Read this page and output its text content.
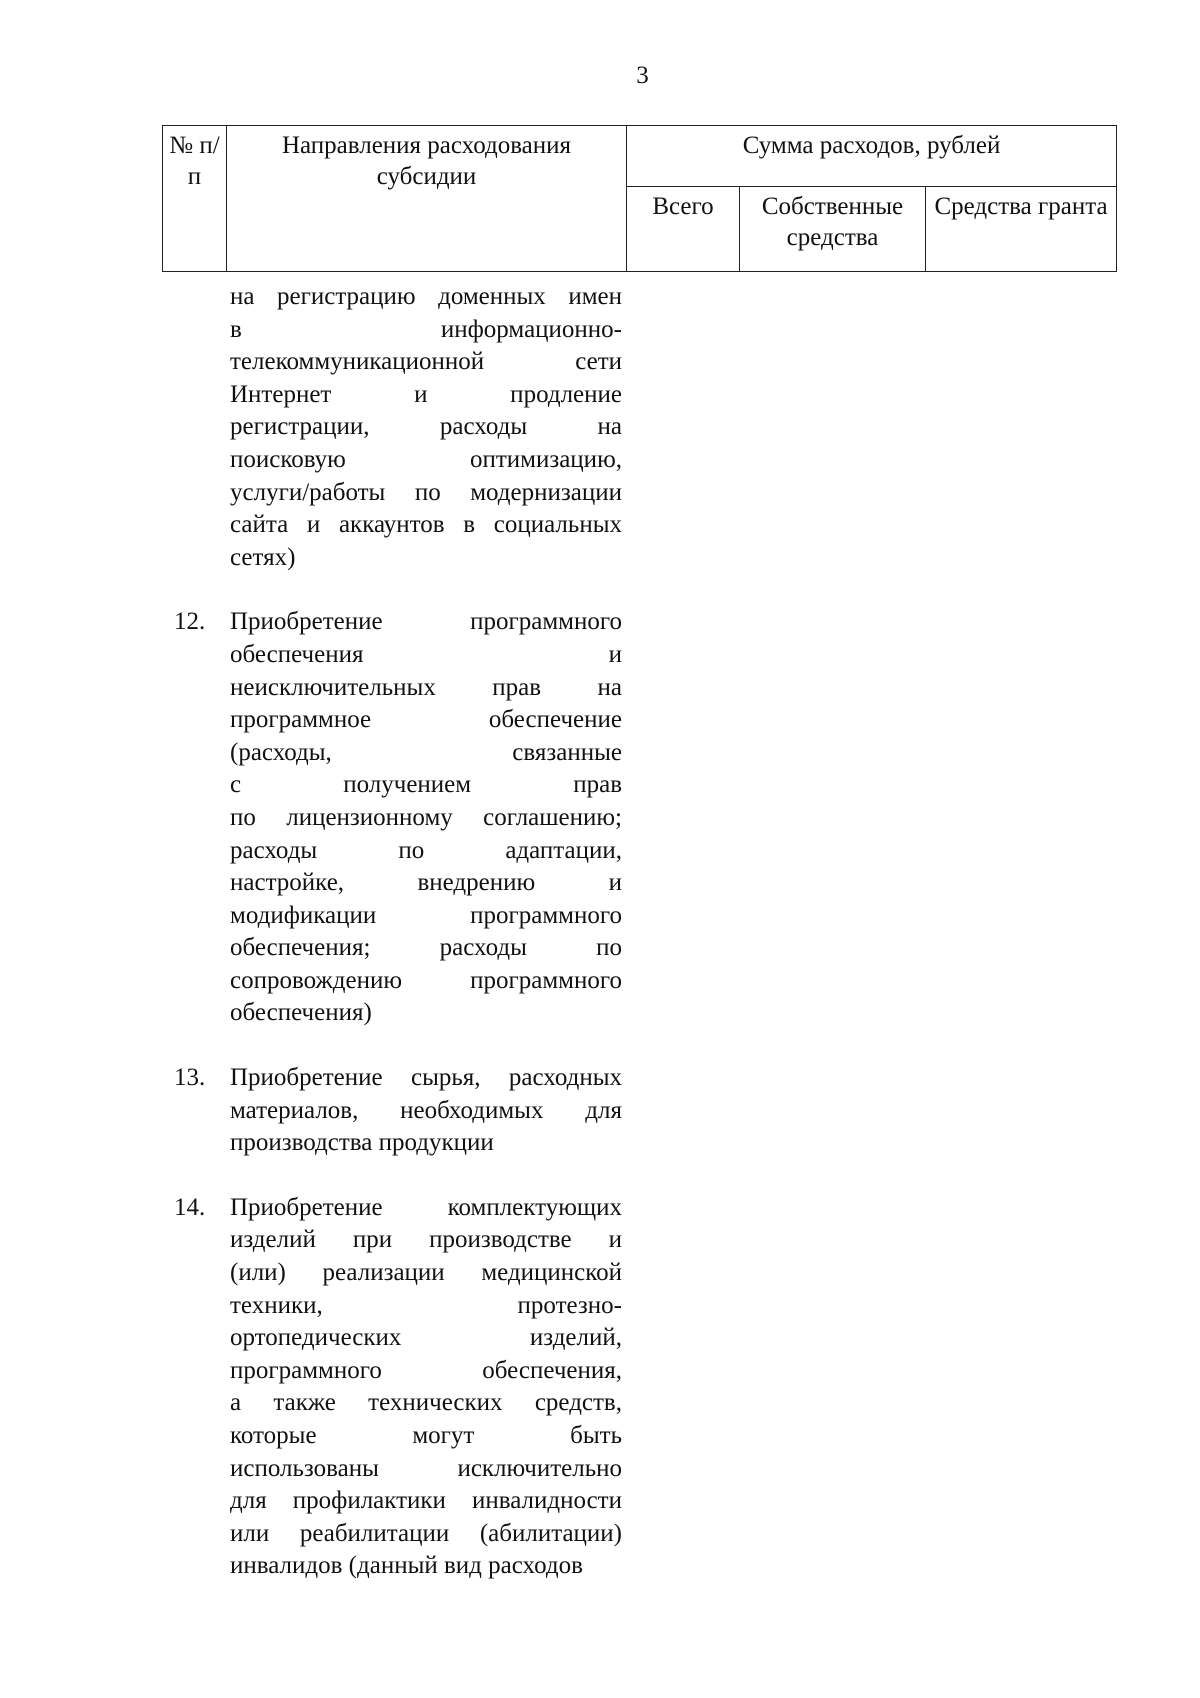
3
№ п/п	Направления расходования субсидии	Сумма расходов, рублей		
		Всего	Собственные средства	Средства гранта
на регистрацию доменных имен
в информационно-
телекоммуникационной сети
Интернет и продление
регистрации, расходы на
поисковую оптимизацию,
услуги/работы по модернизации
сайта и аккаунтов в социальных
сетях)
12. Приобретение программного
обеспечения и
неисключительных прав на
программное обеспечение
(расходы, связанные
с получением прав
по лицензионному соглашению;
расходы по адаптации,
настройке, внедрению и
модификации программного
обеспечения; расходы по
сопровождению программного
обеспечения)
13. Приобретение сырья, расходных
материалов, необходимых для
производства продукции
14. Приобретение комплектующих
изделий при производстве и
(или) реализации медицинской
техники, протезно-
ортопедических изделий,
программного обеспечения,
а также технических средств,
которые могут быть
использованы исключительно
для профилактики инвалидности
или реабилитации (абилитации)
инвалидов (данный вид расходов
